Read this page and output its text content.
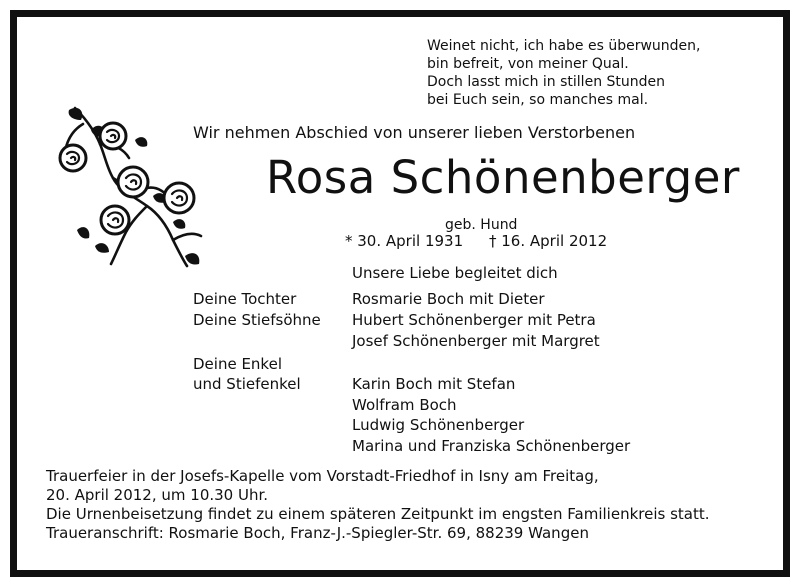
Weinet nicht, ich habe es überwunden,
bin befreit, von meiner Qual.
Doch lasst mich in stillen Stunden
bei Euch sein, so manches mal.
Wir nehmen Abschied von unserer lieben Verstorbenen
Rosa Schönenberger
geb. Hund
* 30. April 1931 † 16. April 2012
Unsere Liebe begleitet dich
Deine Tochter	Rosmarie Boch mit Dieter
Deine Stiefsöhne Hubert Schönenberger mit Petra
Josef Schönenberger mit Margret
Deine Enkel
und Stiefenkel	Karin Boch mit Stefan
Wolfram Boch
Ludwig Schönenberger
Marina und Franziska Schönenberger
Trauerfeier in der Josefs-Kapelle vom Vorstadt-Friedhof in Isny am Freitag,
20. April 2012, um 10.30 Uhr.
Die Urnenbeisetzung findet zu einem späteren Zeitpunkt im engsten Familienkreis statt.
Traueranschrift: Rosmarie Boch, Franz-J.-Spiegler-Str. 69, 88239 Wangen
